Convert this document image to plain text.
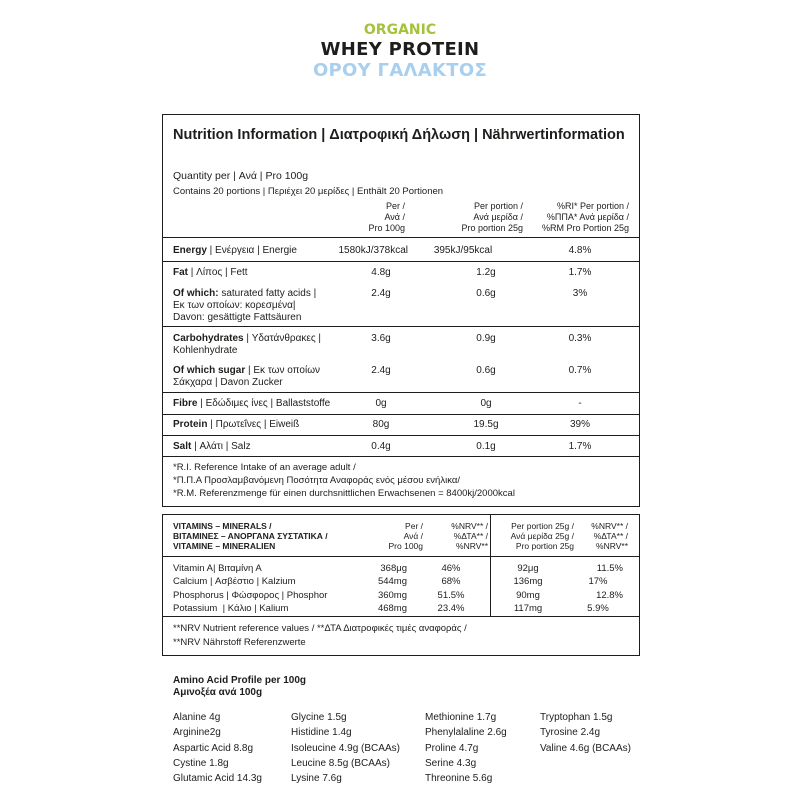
ORGANIC
WHEY PROTEIN
ΟΡΟΥ ΓΑΛΑΚΤΟΣ
Nutrition Information | Διατροφική Δήλωση | Nährwertinformation
Quantity per | Ανά | Pro 100g
Contains 20 portions | Περιέχει 20 μερίδες | Enthält 20 Portionen
Per /
Ανά /
Pro 100g
Per portion /
Ανά μερίδα /
Pro portion 25g
%RI* Per portion /
%ΠΠΑ* Ανά μερίδα /
%RM Pro Portion 25g
Energy | Ενέργεια | Energie	1580kJ/378kcal	395kJ/95kcal	4.8%
Fat | Λίπος | Fett	4.8g	1.2g	1.7%
Of which: saturated fatty acids |
Εκ των οποίων: κορεσμένα|
Davon: gesättigte Fattsäuren
2.4g	0.6g	3%
Carbohydrates | Υδατάνθρακες |
Kohlenhydrate
3.6g	0.9g	0.3%
Of which sugar | Εκ των οποίων
Σάκχαρα | Davon Zucker
2.4g	0.6g	0.7%
Fibre | Εδώδιμες ίνες | Ballaststoffe	0g	0g	-
Protein | Πρωτεΐνες | Eiweiß	80g	19.5g	39%
Salt | Αλάτι | Salz	0.4g	0.1g	1.7%
*R.I. Reference Intake of an average adult /
*Π.Π.Α Προσλαμβανόμενη Ποσότητα Αναφοράς ενός μέσου ενήλικα/
*R.M. Referenzmenge für einen durchsnittlichen Erwachsenen = 8400kj/2000kcal
VITAMINS – MINERALS /
ΒΙΤΑΜΙΝΕΣ – ΑΝΟΡΓΑΝΑ ΣΥΣΤΑΤΙΚΑ /
VITAMINE – MINERALIEN
Per /
Ανά /
Pro 100g
%NRV** /
%ΔΤΑ** /
%NRV**
Per portion 25g /
Ανά μερίδα 25g /
Pro portion 25g
%NRV** /
%ΔΤΑ** /
%NRV**
Vitamin A| Βιταμίνη Α	368μg	46%	92μg	11.5%
Calcium | Ασβέστιο | Kalzium	544mg	68%	136mg	17%
Phosphorus | Φώσφορος | Phosphor	360mg	51.5%	90mg	12.8%
Potassium  | Κάλιο | Kalium	468mg	23.4%	117mg	5.9%
**NRV Nutrient reference values / **ΔΤΑ Διατροφικές τιμές αναφοράς /
**NRV Nährstoff Referenzwerte
Amino Acid Profile per 100g
Αμινοξέα ανά 100g
Alanine 4g
Arginine2g
Aspartic Acid 8.8g
Cystine 1.8g
Glutamic Acid 14.3g
Glycine 1.5g
Histidine 1.4g
Isoleucine 4.9g (BCAAs)
Leucine 8.5g (BCAAs)
Lysine 7.6g
Methionine 1.7g
Phenylalaline 2.6g
Proline 4.7g
Serine 4.3g
Threonine 5.6g
Tryptophan 1.5g
Tyrosine 2.4g
Valine 4.6g (BCAAs)
